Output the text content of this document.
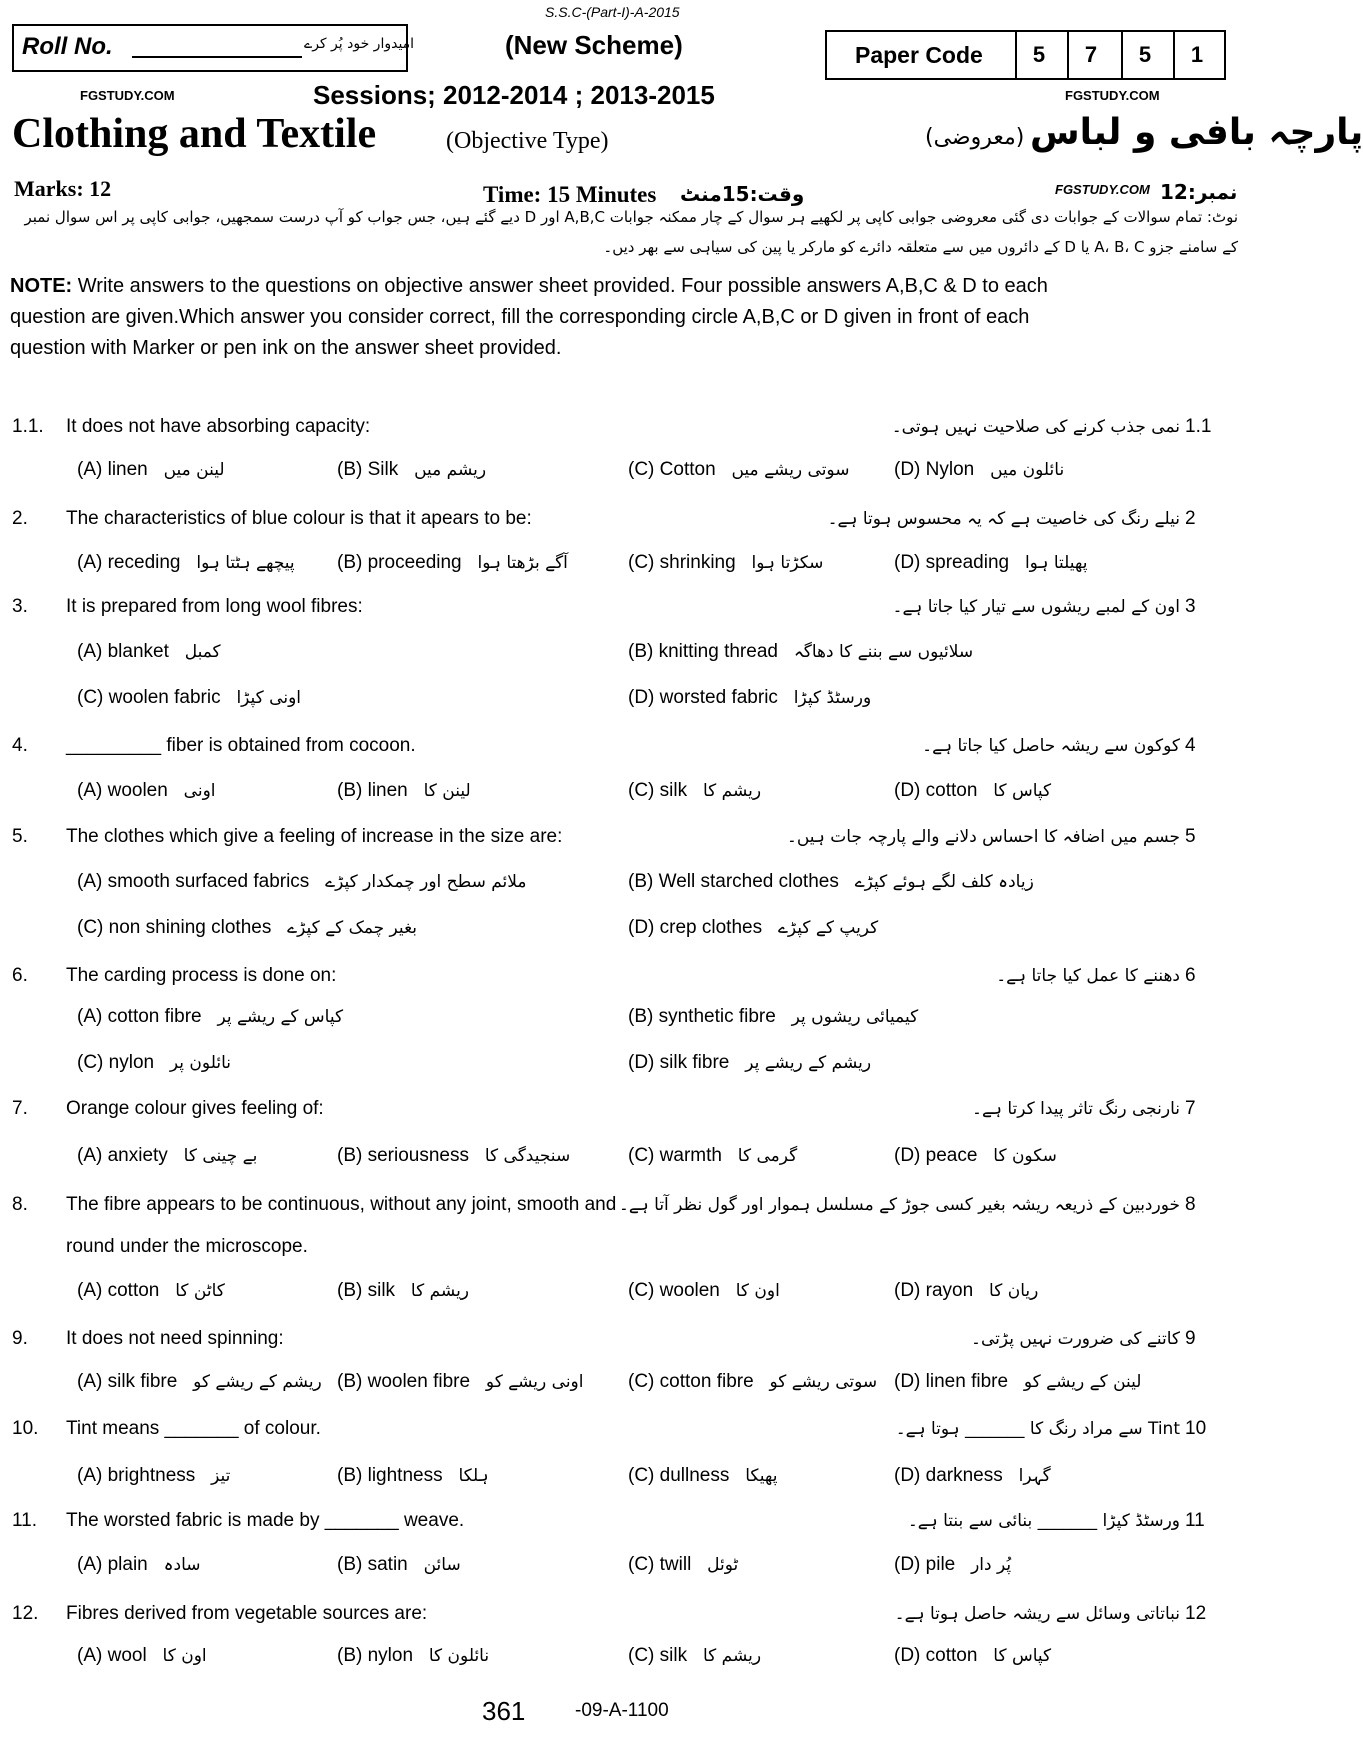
S.S.C-(Part-I)-A-2015
Roll No.	امیدوار خود پُر کرے	(New Scheme)	Paper Code	5	7	5	1
FGSTUDY.COM	Sessions; 2012-2014 ; 2013-2015	FGSTUDY.COM
Clothing and Textile	(Objective Type)	(معروضی) پارچہ بافی و لباس
Marks: 12	Time: 15 Minutes وقت:15منٹ	FGSTUDY.COM نمبر:12
نوٹ: تمام سوالات کے جوابات دی گئی معروضی جوابی کاپی پر لکھیے ہر سوال کے چار ممکنہ جوابات A,B,C اور D دیے گئے ہیں، جس جواب کو آپ درست سمجھیں، جوابی کاپی پر اس سوال نمبر
کے سامنے جزو A، B، C یا D کے دائروں میں سے متعلقہ دائرے کو مارکر یا پین کی سیاہی سے بھر دیں۔
NOTE: Write answers to the questions on objective answer sheet provided. Four possible answers A,B,C & D to each
question are given.Which answer you consider correct, fill the corresponding circle A,B,C or D given in front of each
question with Marker or pen ink on the answer sheet provided.
1.1. It does not have absorbing capacity:	نمی جذب کرنے کی صلاحیت نہیں ہوتی۔ 1.1
(A) linen لینن میں	(B) Silk ریشم میں	(C) Cotton سوتی ریشے میں (D) Nylon نائلون میں
2. The characteristics of blue colour is that it apears to be:	نیلے رنگ کی خاصیت ہے کہ یہ محسوس ہوتا ہے۔ 2
(A) receding پیچھے ہٹتا ہوا (B) proceeding آگے بڑھتا ہوا	(C) shrinking سکڑتا ہوا	(D) spreading پھیلتا ہوا
3. It is prepared from long wool fibres:	اون کے لمبے ریشوں سے تیار کیا جاتا ہے۔ 3
(A) blanket کمبل	(B) knitting thread سلائیوں سے بننے کا دھاگہ
(C) woolen fabric اونی کپڑا	(D) worsted fabric ورسٹڈ کپڑا
4. _________ fiber is obtained from cocoon.	کوکون سے ریشہ حاصل کیا جاتا ہے۔ 4
(A) woolen اونی	(B) linen لینن کا	(C) silk ریشم کا	(D) cotton کپاس کا
5. The clothes which give a feeling of increase in the size are:	جسم میں اضافہ کا احساس دلانے والے پارچہ جات ہیں۔ 5
(A) smooth surfaced fabrics ملائم سطح اور چمکدار کپڑے	(B) Well starched clothes زیادہ کلف لگے ہوئے کپڑے
(C) non shining clothes بغیر چمک کے کپڑے	(D) crep clothes کریپ کے کپڑے
6. The carding process is done on:	دھننے کا عمل کیا جاتا ہے۔ 6
(A) cotton fibre کپاس کے ریشے پر	(B) synthetic fibre کیمیائی ریشوں پر
(C) nylon نائلون پر	(D) silk fibre ریشم کے ریشے پر
7. Orange colour gives feeling of:	نارنجی رنگ تاثر پیدا کرتا ہے۔ 7
(A) anxiety بے چینی کا	(B) seriousness سنجیدگی کا	(C) warmth گرمی کا	(D) peace سکون کا
8. The fibre appears to be continuous, without any joint, smooth and
round under the microscope.
خوردبین کے ذریعہ ریشہ بغیر کسی جوڑ کے مسلسل ہموار اور گول نظر آتا ہے۔ 8
(A) cotton کاٹن کا	(B) silk ریشم کا	(C) woolen اون کا	(D) rayon ریان کا
9. It does not need spinning:	کاتنے کی ضرورت نہیں پڑتی۔ 9
(A) silk fibre ریشم کے ریشے کو (B) woolen fibre اونی ریشے کو (C) cotton fibre سوتی ریشے کو (D) linen fibre لینن کے ریشے کو
10. Tint means _______ of colour.	Tint سے مراد رنگ کا _______ ہوتا ہے۔ 10
(A) brightness تیز	(B) lightness ہلکا	(C) dullness پھیکا	(D) darkness گہرا
11. The worsted fabric is made by _______ weave.	ورسٹڈ کپڑا _______ بنائی سے بنتا ہے۔ 11
(A) plain سادہ	(B) satin سائن	(C) twill ٹوئل	(D) pile پُر دار
12. Fibres derived from vegetable sources are:	نباتاتی وسائل سے ریشہ حاصل ہوتا ہے۔ 12
(A) wool اون کا	(B) nylon نائلون کا	(C) silk ریشم کا	(D) cotton کپاس کا
361	-09-A-1100
